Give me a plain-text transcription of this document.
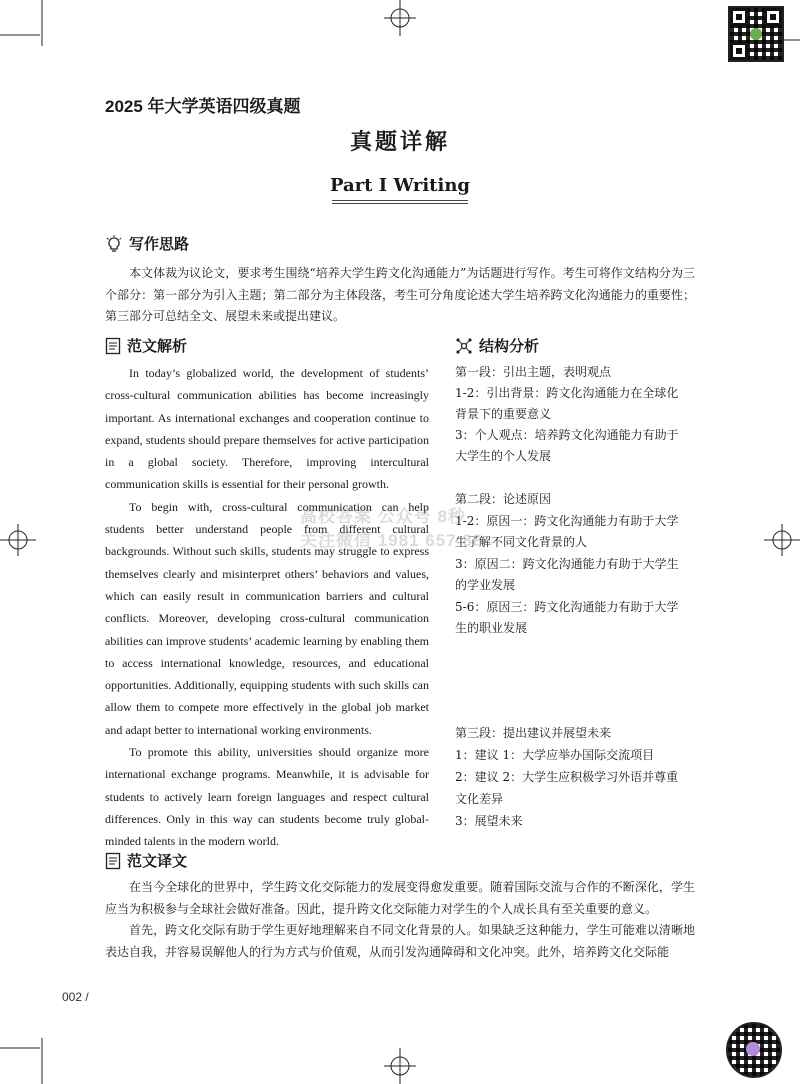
2025 年大学英语四级真题
真题详解
Part I Writing
写作思路
本文体裁为议论文，要求考生围绕“培养大学生跨文化沟通能力”为话题进行写作。考生可将作文结构分为三个部分：第一部分为引入主题；第二部分为主体段落，考生可分角度论述大学生培养跨文化沟通能力的重要性；第三部分可总结全文、展望未来或提出建议。
范文解析

In today’s globalized world, the development of students’ cross-cultural communication abilities has become increasingly important. As international exchanges and cooperation continue to expand, students should prepare themselves for active participation in a global society. Therefore, improving intercultural communication skills is essential for their personal growth.

To begin with, cross-cultural communication can help students better understand people from different cultural backgrounds. Without such skills, students may struggle to express themselves clearly and misinterpret others’ behaviors and values, which can easily result in communication barriers and cultural conflicts. Moreover, developing cross-cultural communication abilities can improve students’ academic learning by enabling them to access international knowledge, resources, and educational opportunities. Additionally, equipping students with such skills can allow them to compete more effectively in the global job market and adapt better to international working environments.

To promote this ability, universities should organize more international exchange programs. Meanwhile, it is advisable for students to actively learn foreign languages and respect cultural differences. Only in this way can students become truly global-minded talents in the modern world.

结构分析
第一段：引出主题，表明观点
1-2：引出背景：跨文化沟通能力在全球化
背景下的重要意义
3：个人观点：培养跨文化沟通能力有助于
大学生的个人发展
第二段：论述原因
1-2：原因一：跨文化沟通能力有助于大学
生了解不同文化背景的人
3：原因二：跨文化沟通能力有助于大学生
的学业发展
5-6：原因三：跨文化沟通能力有助于大学
生的职业发展
第三段：提出建议并展望未来
1：建议 1：大学应举办国际交流项目
2：建议 2：大学生应积极学习外语并尊重
文化差异
3：展望未来
范文译文
在当今全球化的世界中，学生跨文化交际能力的发展变得愈发重要。随着国际交流与合作的不断深化，学生应当为积极参与全球社会做好准备。因此，提升跨文化交际能力对学生的个人成长具有至关重要的意义。
首先，跨文化交际有助于学生更好地理解来自不同文化背景的人。如果缺乏这种能力，学生可能难以清晰地表达自我，并容易误解他人的行为方式与价值观，从而引发沟通障碍和文化冲突。此外，培养跨文化交际能
高校答案 公众号 8秒
关注微信 1981 657 88
002 /
